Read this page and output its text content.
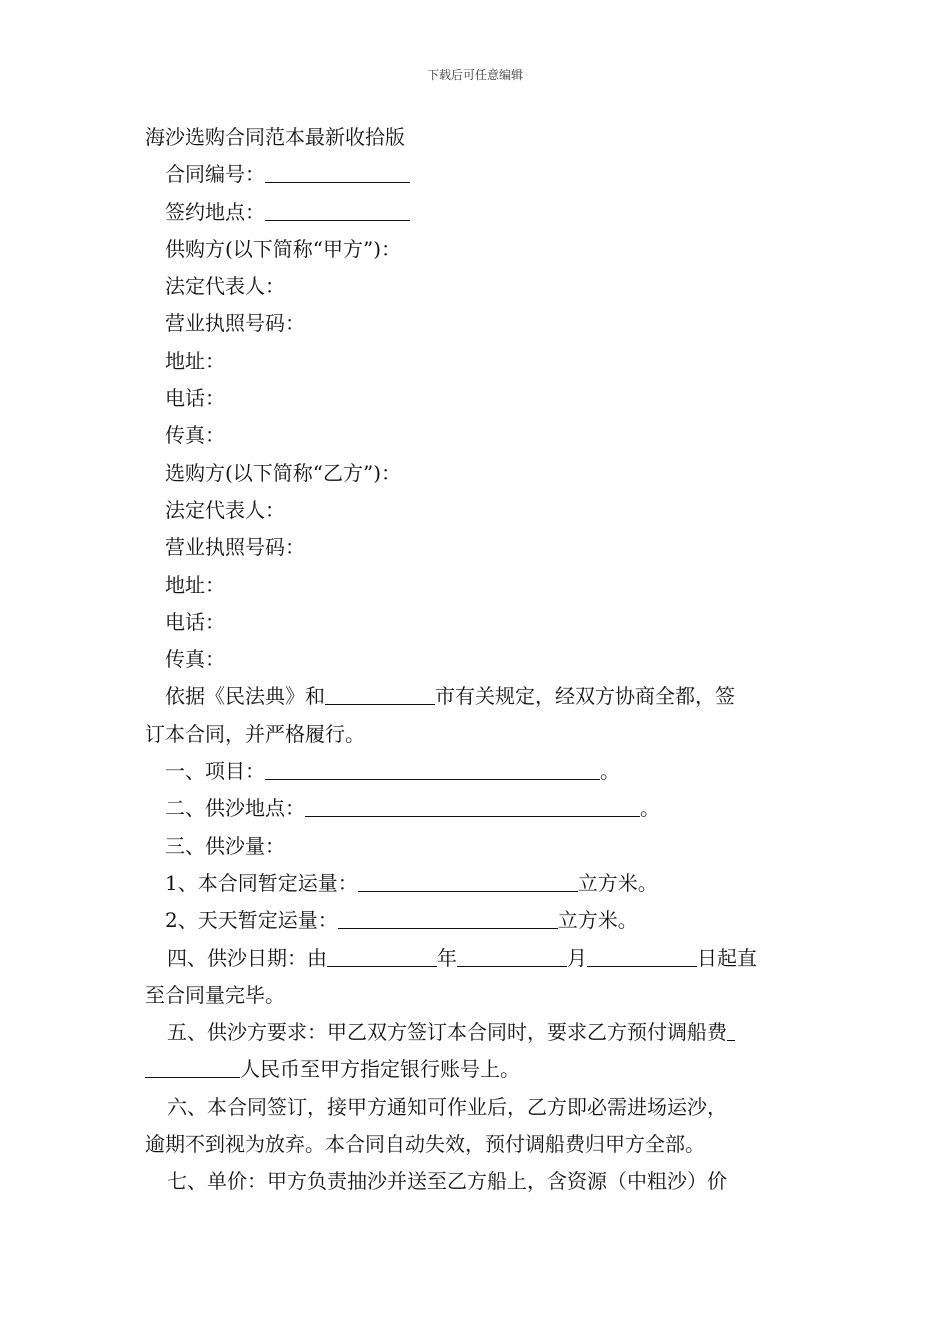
下载后可任意编辑
海沙选购合同范本最新收拾版
合同编号：
签约地点：
供购方(以下简称“甲方”)：
法定代表人：
营业执照号码：
地址：
电话：
传真：
选购方(以下简称“乙方”)：
法定代表人：
营业执照号码：
地址：
电话：
传真：
依据《民法典》和	市有关规定，经双方协商全都，签
订本合同，并严格履行。
一、项目：	。
二、供沙地点：	。
三、供沙量：
1、本合同暂定运量：	立方米。
2、天天暂定运量：	立方米。
四、供沙日期：由	年	月	日起直
至合同量完毕。
五、供沙方要求：甲乙双方签订本合同时，要求乙方预付调船费
人民币至甲方指定银行账号上。
六、本合同签订，接甲方通知可作业后，乙方即必需进场运沙，
逾期不到视为放弃。本合同自动失效，预付调船费归甲方全部。
七、单价：甲方负责抽沙并送至乙方船上，含资源（中粗沙）价
